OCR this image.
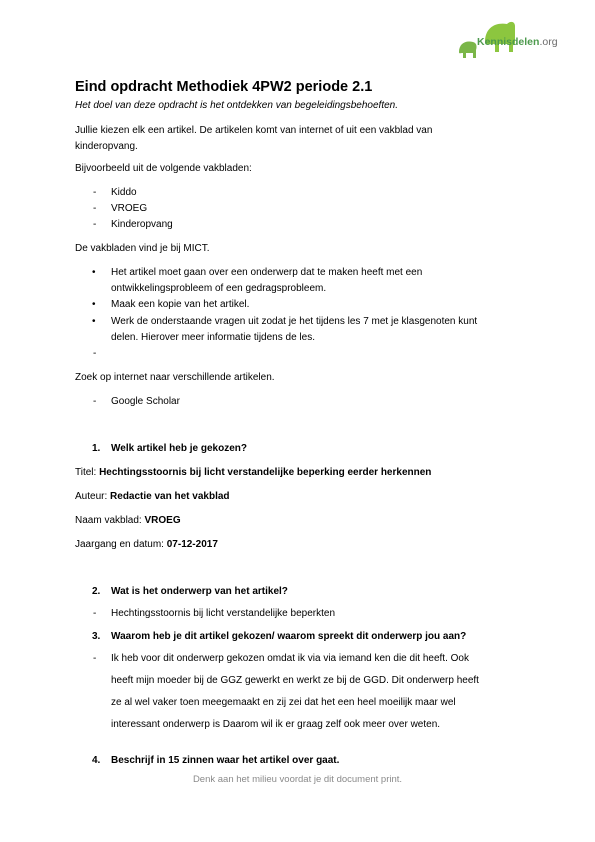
Kennisdelen.org
Eind opdracht Methodiek 4PW2 periode 2.1
Het doel van deze opdracht is het ontdekken van begeleidingsbehoeften.
Jullie kiezen elk een artikel. De artikelen komt van internet of uit een vakblad van
kinderopvang.
Bijvoorbeeld uit de volgende vakbladen:
- Kiddo
- VROEG
- Kinderopvang
De vakbladen vind je bij MICT.
• Het artikel moet gaan over een onderwerp dat te maken heeft met een
ontwikkelingsprobleem of een gedragsprobleem.
• Maak een kopie van het artikel.
• Werk de onderstaande vragen uit zodat je het tijdens les 7 met je klasgenoten kunt
delen. Hierover meer informatie tijdens de les.
-
Zoek op internet naar verschillende artikelen.
- Google Scholar
1. Welk artikel heb je gekozen?
Titel: Hechtingsstoornis bij licht verstandelijke beperking eerder herkennen
Auteur: Redactie van het vakblad
Naam vakblad: VROEG
Jaargang en datum: 07-12-2017
2. Wat is het onderwerp van het artikel?
- Hechtingsstoornis bij licht verstandelijke beperkten
3. Waarom heb je dit artikel gekozen/ waarom spreekt dit onderwerp jou aan?
- Ik heb voor dit onderwerp gekozen omdat ik via via iemand ken die dit heeft. Ook
heeft mijn moeder bij de GGZ gewerkt en werkt ze bij de GGD. Dit onderwerp heeft
ze al wel vaker toen meegemaakt en zij zei dat het een heel moeilijk maar wel
interessant onderwerp is Daarom wil ik er graag zelf ook meer over weten.
4. Beschrijf in 15 zinnen waar het artikel over gaat.
Denk aan het milieu voordat je dit document print.
